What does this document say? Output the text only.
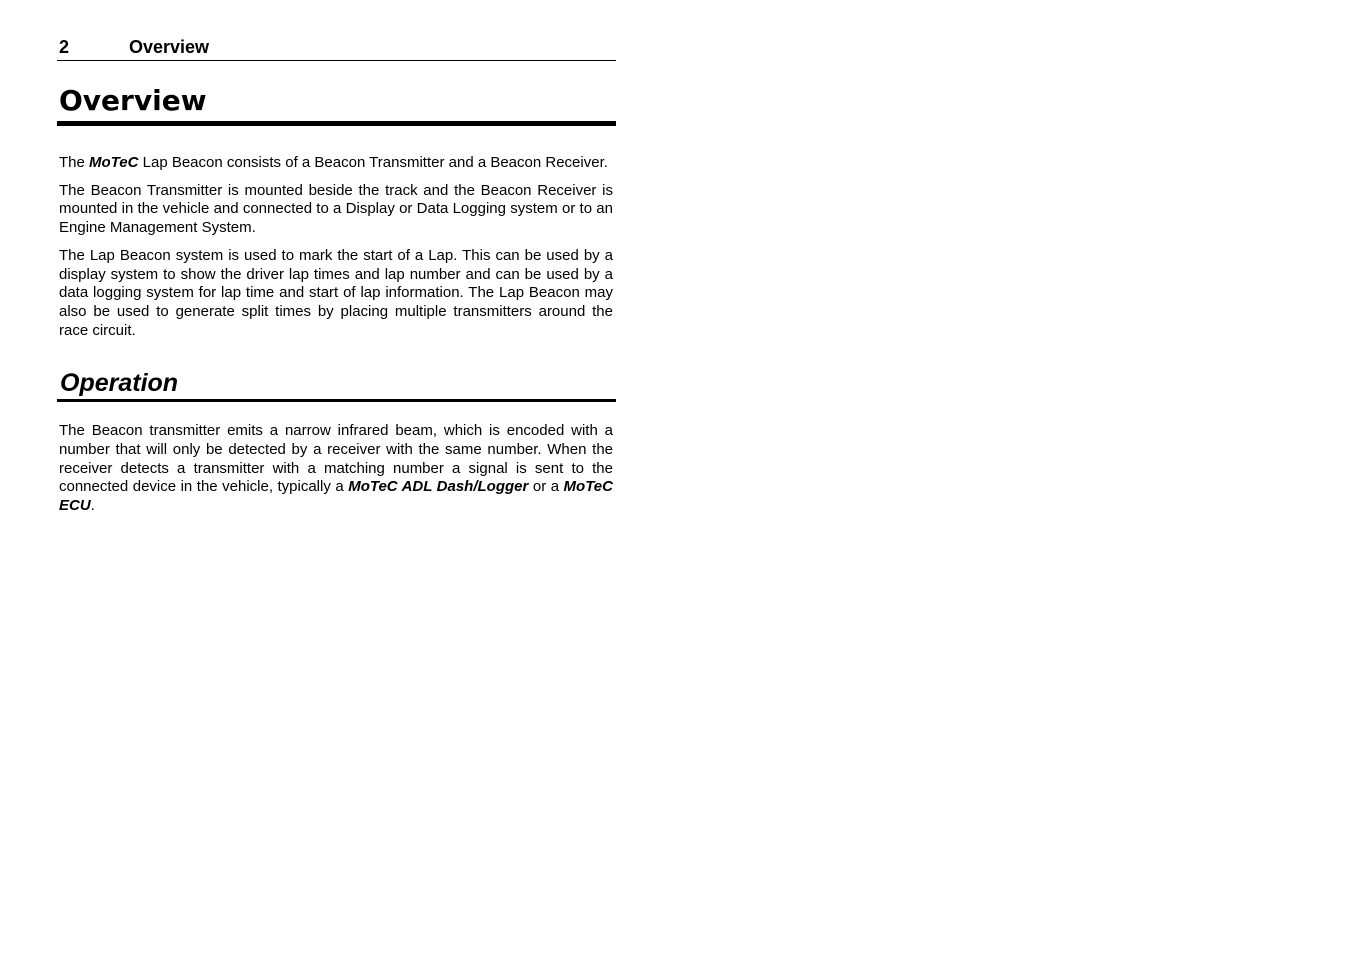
2	Overview
Overview

The MoTeC Lap Beacon consists of a Beacon Transmitter and a Beacon Receiver.

The Beacon Transmitter is mounted beside the track and the Beacon Receiver is mounted in the vehicle and connected to a Display or Data Logging system or to an Engine Management System.

The Lap Beacon system is used to mark the start of a Lap. This can be used by a display system to show the driver lap times and lap number and can be used by a data logging system for lap time and start of lap information. The Lap Beacon may also be used to generate split times by placing multiple transmitters around the race circuit.

Operation

The Beacon transmitter emits a narrow infrared beam, which is encoded with a number that will only be detected by a receiver with the same number. When the receiver detects a transmitter with a matching number a signal is sent to the connected device in the vehicle, typically a MoTeC ADL Dash/Logger or a MoTeC ECU.
